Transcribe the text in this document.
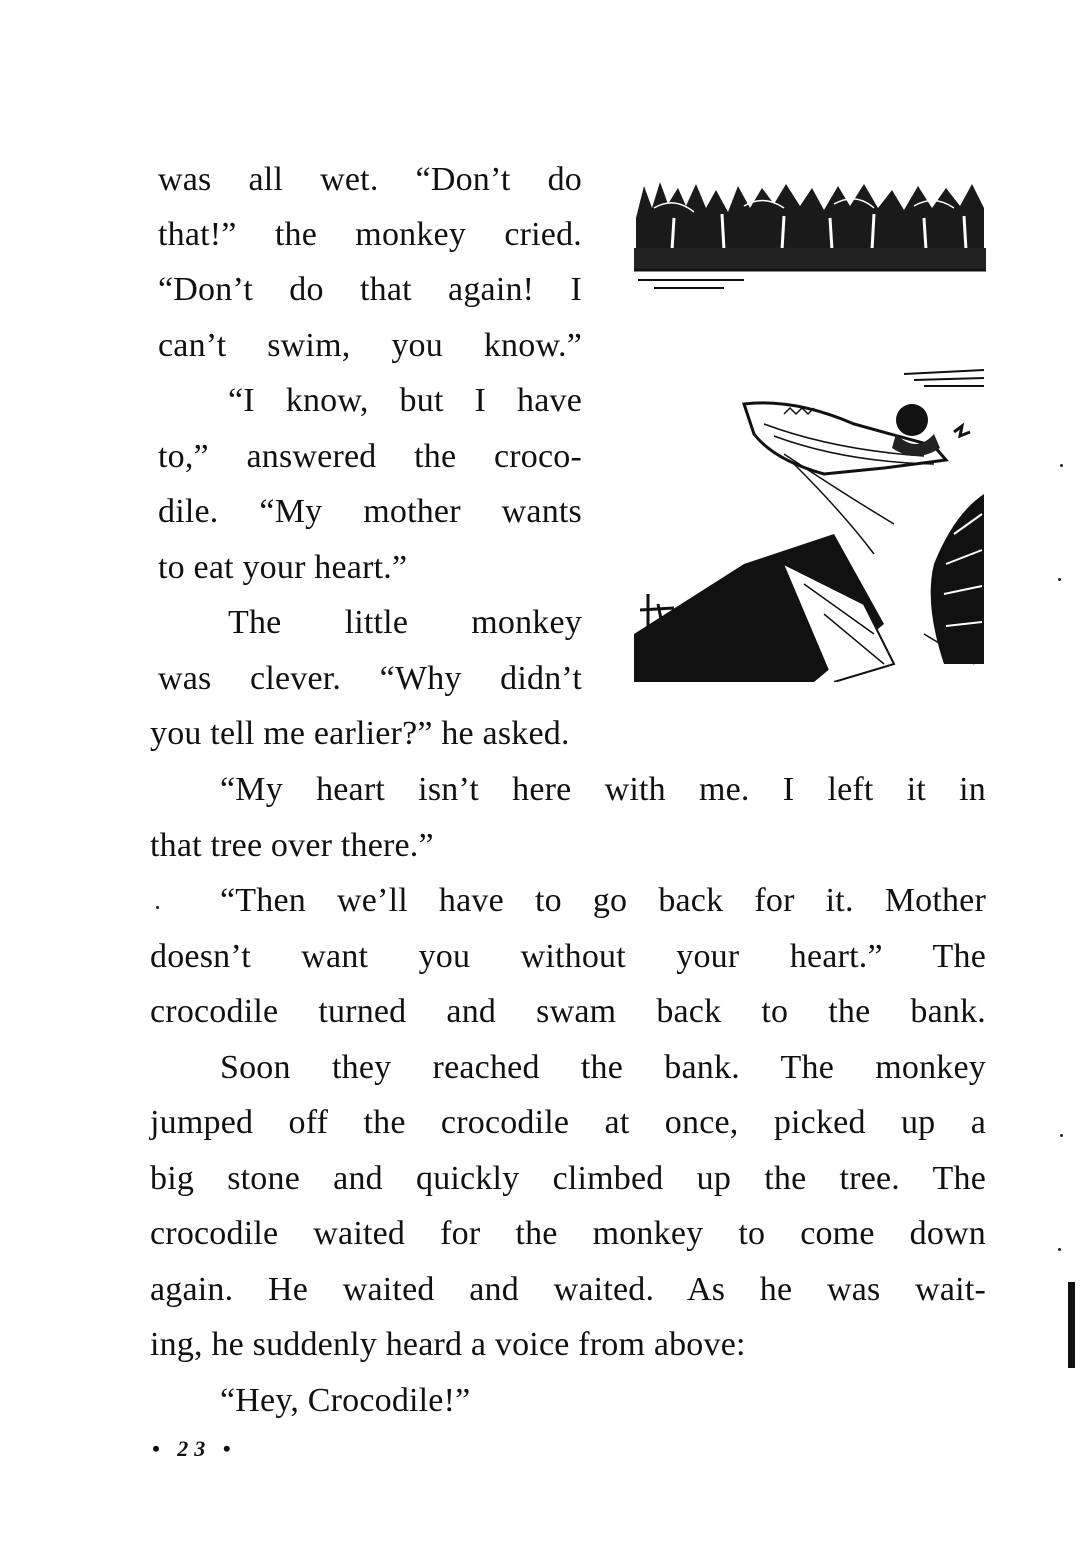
was all wet. “Don’t do
that!” the monkey cried.
“Don’t do that again! I
can’t swim, you know.”
“I know, but I have
to,” answered the croco-
dile. “My mother wants
to eat your heart.”
The little monkey
was clever. “Why didn’t
you tell me earlier?” he asked.
“My heart isn’t here with me. I left it in
that tree over there.”
“Then we’ll have to go back for it. Mother
doesn’t want you without your heart.” The
crocodile turned and swam back to the bank.
Soon they reached the bank. The monkey
jumped off the crocodile at once, picked up a
big stone and quickly climbed up the tree. The
crocodile waited for the monkey to come down
again. He waited and waited. As he was wait-
ing, he suddenly heard a voice from above:
“Hey, Crocodile!”
• 23 •
